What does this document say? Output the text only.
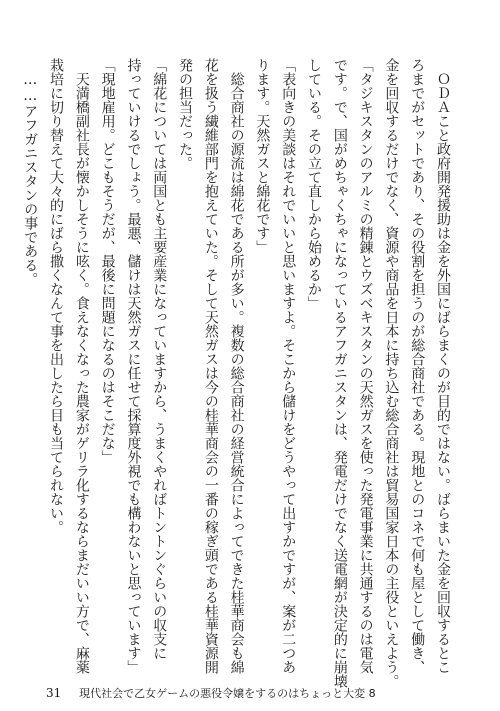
　ＯＤＡこと政府開発援助は金を外国にばらまくのが目的ではない。ばらまいた金を回収するとこ
ろまでがセットであり、その役割を担うのが総合商社である。現地とのコネで何も屋として働き、
金を回収するだけでなく、資源や商品を日本に持ち込む総合商社は貿易国家日本の主役といえよう。
「タジキスタンのアルミの精錬とウズベキスタンの天然ガスを使った発電事業に共通するのは電気
です。で、国がめちゃくちゃになっているアフガニスタンは、発電だけでなく送電網が決定的に崩壊
している。その立て直しから始めるか」
「表向きの美談はそれでいいと思いますよ。そこから儲けをどうやって出すかですが、案が二つあ
ります。天然ガスと綿花です」
　総合商社の源流は綿花である所が多い。複数の総合商社の経営統合によってできた桂華商会も綿
花を扱う繊維部門を抱えていた。そして天然ガスは今の桂華商会の一番の稼ぎ頭である桂華資源開
発の担当だった。
「綿花については両国とも主要産業になっていますから、うまくやればトントンぐらいの収支に
持っていけるでしょう。最悪、儲けは天然ガスに任せて採算度外視でも構わないと思っています」
「現地雇用。どこもそうだが、最後に問題になるのはそこだな」
　天満橋副社長が懐かしそうに呟く。食えなくなった農家がゲリラ化するならまだいい方で、麻薬
栽培に切り替えて大々的にばら撒くなんて事を出したら目も当てられない。
　……アフガニスタンの事である。
31 現代社会で乙女ゲームの悪役令嬢をするのはちょっと大変 8
